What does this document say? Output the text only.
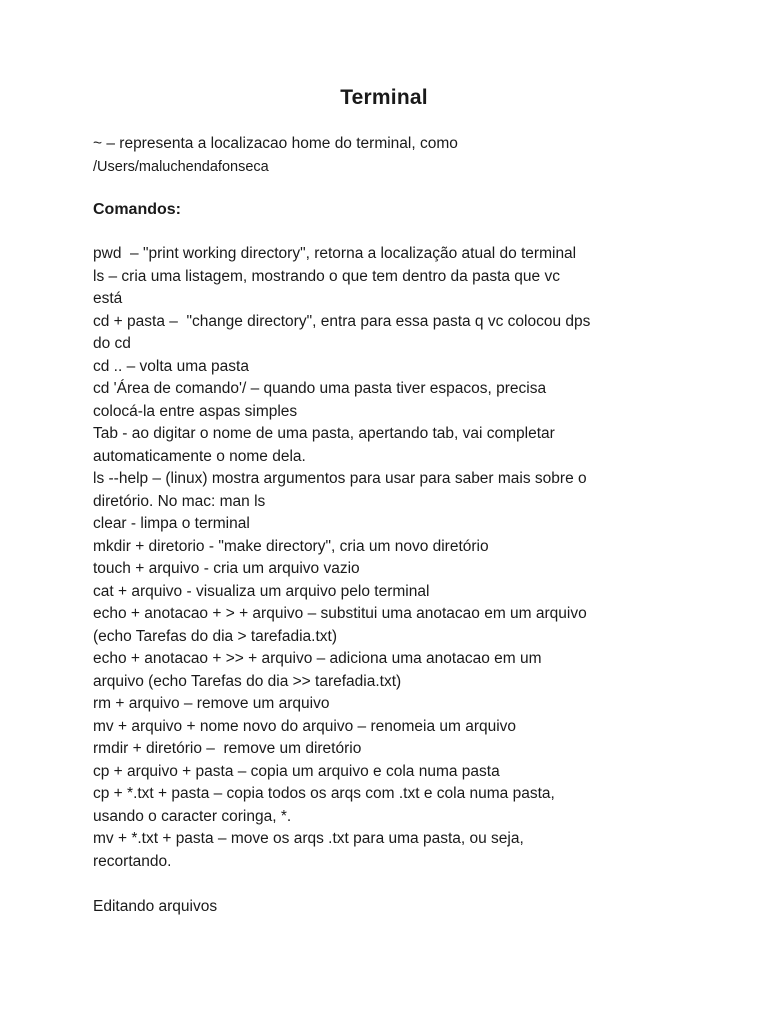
Terminal
~ – representa a localizacao home do terminal, como
/Users/maluchendafonseca
Comandos:
pwd  – "print working directory", retorna a localização atual do terminal
ls – cria uma listagem, mostrando o que tem dentro da pasta que vc
está
cd + pasta –  "change directory", entra para essa pasta q vc colocou dps
do cd
cd .. – volta uma pasta
cd 'Área de comando'/ – quando uma pasta tiver espacos, precisa
colocá-la entre aspas simples
Tab - ao digitar o nome de uma pasta, apertando tab, vai completar
automaticamente o nome dela.
ls --help – (linux) mostra argumentos para usar para saber mais sobre o
diretório. No mac: man ls
clear - limpa o terminal
mkdir + diretorio - "make directory", cria um novo diretório
touch + arquivo - cria um arquivo vazio
cat + arquivo - visualiza um arquivo pelo terminal
echo + anotacao + > + arquivo – substitui uma anotacao em um arquivo
(echo Tarefas do dia > tarefadia.txt)
echo + anotacao + >> + arquivo – adiciona uma anotacao em um
arquivo (echo Tarefas do dia >> tarefadia.txt)
rm + arquivo – remove um arquivo
mv + arquivo + nome novo do arquivo – renomeia um arquivo
rmdir + diretório –  remove um diretório
cp + arquivo + pasta – copia um arquivo e cola numa pasta
cp + *.txt + pasta – copia todos os arqs com .txt e cola numa pasta,
usando o caracter coringa, *.
mv + *.txt + pasta – move os arqs .txt para uma pasta, ou seja,
recortando.
Editando arquivos
